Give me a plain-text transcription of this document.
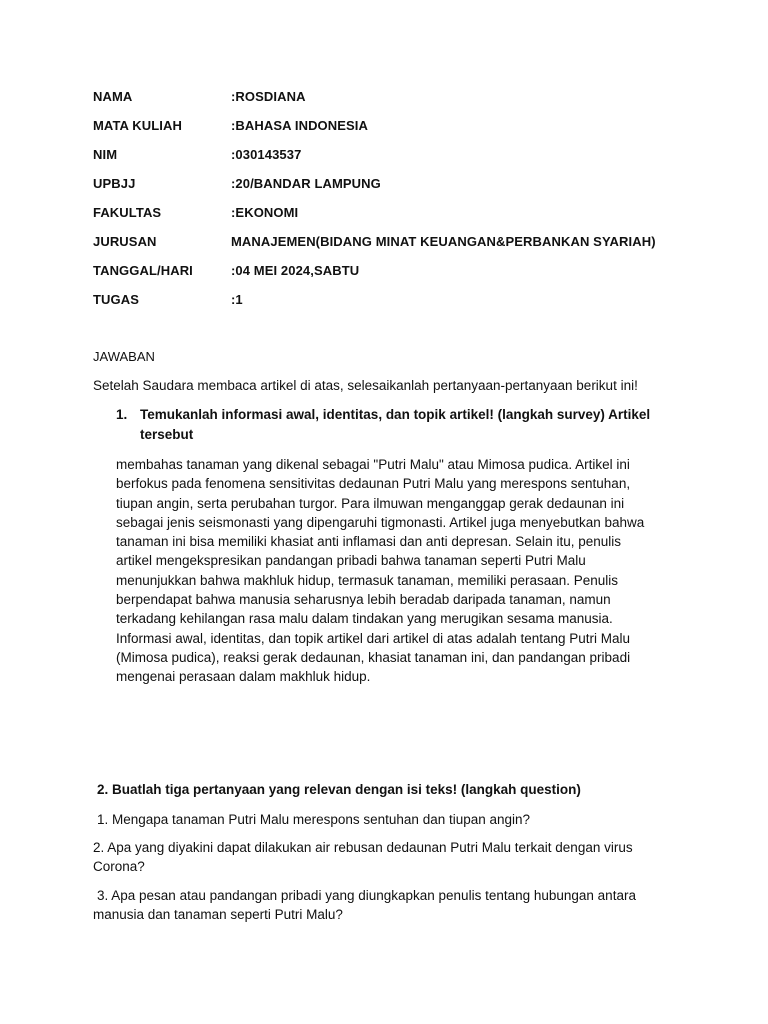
NAMA	:ROSDIANA
MATA KULIAH	:BAHASA INDONESIA
NIM	:030143537
UPBJJ	:20/BANDAR LAMPUNG
FAKULTAS	:EKONOMI
JURUSAN	MANAJEMEN(BIDANG MINAT KEUANGAN&PERBANKAN SYARIAH)
TANGGAL/HARI	:04 MEI 2024,SABTU
TUGAS	:1
JAWABAN
Setelah Saudara membaca artikel di atas, selesaikanlah pertanyaan-pertanyaan berikut ini!
1. Temukanlah informasi awal, identitas, dan topik artikel! (langkah survey) Artikel
tersebut
membahas tanaman yang dikenal sebagai "Putri Malu" atau Mimosa pudica. Artikel ini
berfokus pada fenomena sensitivitas dedaunan Putri Malu yang merespons sentuhan,
tiupan angin, serta perubahan turgor. Para ilmuwan menganggap gerak dedaunan ini
sebagai jenis seismonasti yang dipengaruhi tigmonasti. Artikel juga menyebutkan bahwa
tanaman ini bisa memiliki khasiat anti inflamasi dan anti depresan. Selain itu, penulis
artikel mengekspresikan pandangan pribadi bahwa tanaman seperti Putri Malu
menunjukkan bahwa makhluk hidup, termasuk tanaman, memiliki perasaan. Penulis
berpendapat bahwa manusia seharusnya lebih beradab daripada tanaman, namun
terkadang kehilangan rasa malu dalam tindakan yang merugikan sesama manusia.
Informasi awal, identitas, dan topik artikel dari artikel di atas adalah tentang Putri Malu
(Mimosa pudica), reaksi gerak dedaunan, khasiat tanaman ini, dan pandangan pribadi
mengenai perasaan dalam makhluk hidup.
2. Buatlah tiga pertanyaan yang relevan dengan isi teks! (langkah question)
1. Mengapa tanaman Putri Malu merespons sentuhan dan tiupan angin?
2. Apa yang diyakini dapat dilakukan air rebusan dedaunan Putri Malu terkait dengan virus
Corona?
3. Apa pesan atau pandangan pribadi yang diungkapkan penulis tentang hubungan antara
manusia dan tanaman seperti Putri Malu?
